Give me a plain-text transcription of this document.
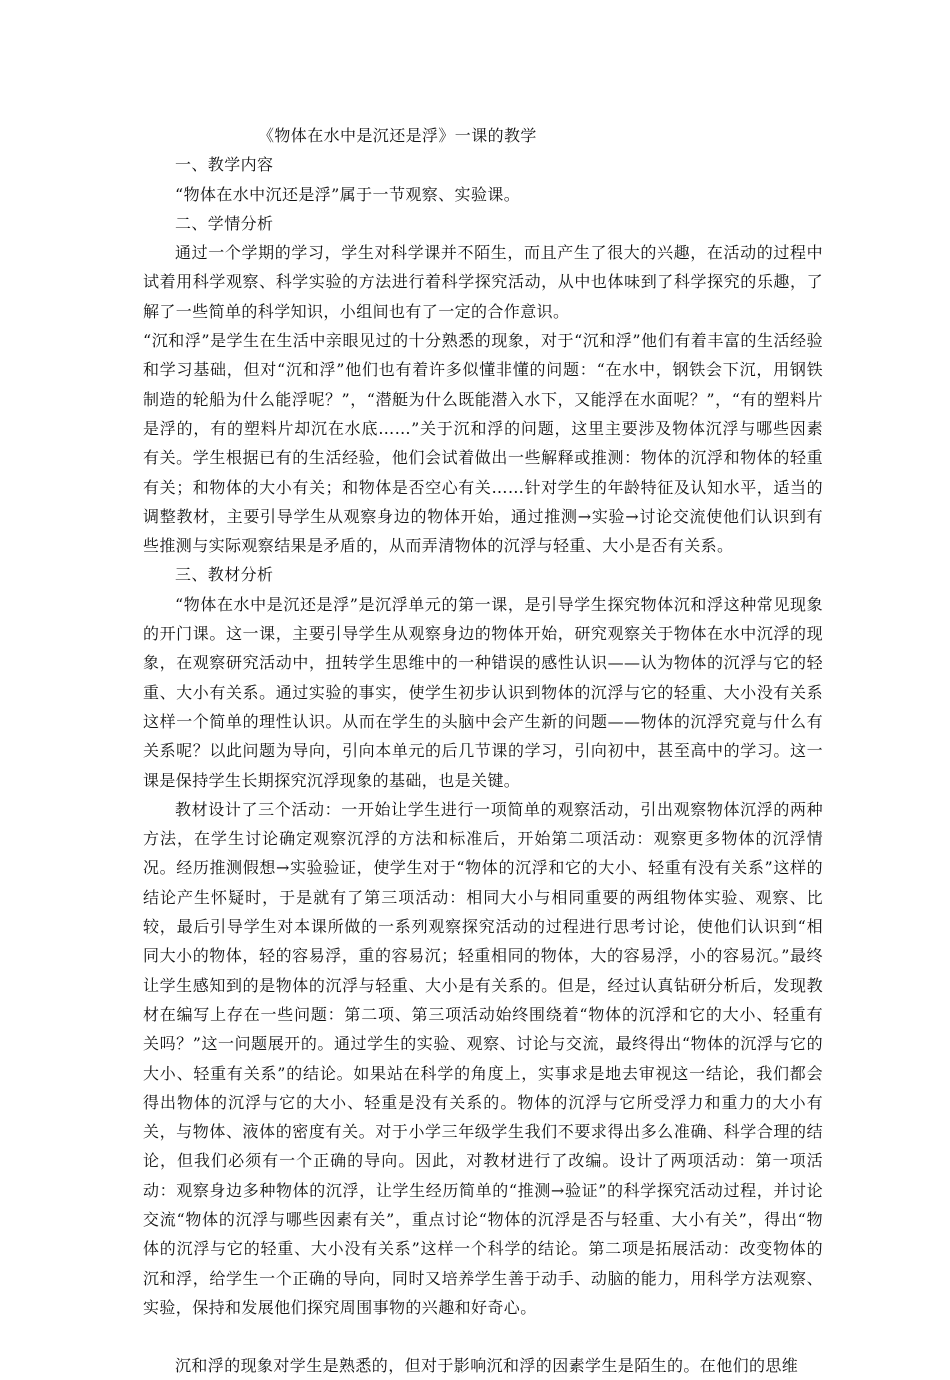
《物体在水中是沉还是浮》一课的教学

一、教学内容

“物体在水中沉还是浮”属于一节观察、实验课。

二、学情分析

通过一个学期的学习，学生对科学课并不陌生，而且产生了很大的兴趣，在活动的过程中试着用科学观察、科学实验的方法进行着科学探究活动，从中也体味到了科学探究的乐趣，了解了一些简单的科学知识，小组间也有了一定的合作意识。

“沉和浮”是学生在生活中亲眼见过的十分熟悉的现象，对于“沉和浮”他们有着丰富的生活经验和学习基础，但对“沉和浮”他们也有着许多似懂非懂的问题：“在水中，钢铁会下沉，用钢铁制造的轮船为什么能浮呢？”，“潜艇为什么既能潜入水下，又能浮在水面呢？”，“有的塑料片是浮的，有的塑料片却沉在水底……”关于沉和浮的问题，这里主要涉及物体沉浮与哪些因素有关。学生根据已有的生活经验，他们会试着做出一些解释或推测：物体的沉浮和物体的轻重有关；和物体的大小有关；和物体是否空心有关……针对学生的年龄特征及认知水平，适当的调整教材，主要引导学生从观察身边的物体开始，通过推测→实验→讨论交流使他们认识到有些推测与实际观察结果是矛盾的，从而弄清物体的沉浮与轻重、大小是否有关系。

三、教材分析

“物体在水中是沉还是浮”是沉浮单元的第一课，是引导学生探究物体沉和浮这种常见现象的开门课。这一课，主要引导学生从观察身边的物体开始，研究观察关于物体在水中沉浮的现象，在观察研究活动中，扭转学生思维中的一种错误的感性认识——认为物体的沉浮与它的轻重、大小有关系。通过实验的事实，使学生初步认识到物体的沉浮与它的轻重、大小没有关系这样一个简单的理性认识。从而在学生的头脑中会产生新的问题——物体的沉浮究竟与什么有关系呢？以此问题为导向，引向本单元的后几节课的学习，引向初中，甚至高中的学习。这一课是保持学生长期探究沉浮现象的基础，也是关键。

教材设计了三个活动：一开始让学生进行一项简单的观察活动，引出观察物体沉浮的两种方法，在学生讨论确定观察沉浮的方法和标准后，开始第二项活动：观察更多物体的沉浮情况。经历推测假想→实验验证，使学生对于“物体的沉浮和它的大小、轻重有没有关系”这样的结论产生怀疑时，于是就有了第三项活动：相同大小与相同重要的两组物体实验、观察、比较，最后引导学生对本课所做的一系列观察探究活动的过程进行思考讨论，使他们认识到“相同大小的物体，轻的容易浮，重的容易沉；轻重相同的物体，大的容易浮，小的容易沉。”最终让学生感知到的是物体的沉浮与轻重、大小是有关系的。但是，经过认真钻研分析后，发现教材在编写上存在一些问题：第二项、第三项活动始终围绕着“物体的沉浮和它的大小、轻重有关吗？”这一问题展开的。通过学生的实验、观察、讨论与交流，最终得出“物体的沉浮与它的大小、轻重有关系”的结论。如果站在科学的角度上，实事求是地去审视这一结论，我们都会得出物体的沉浮与它的大小、轻重是没有关系的。物体的沉浮与它所受浮力和重力的大小有关，与物体、液体的密度有关。对于小学三年级学生我们不要求得出多么准确、科学合理的结论，但我们必须有一个正确的导向。因此，对教材进行了改编。设计了两项活动：第一项活动：观察身边多种物体的沉浮，让学生经历简单的“推测→验证”的科学探究活动过程，并讨论交流“物体的沉浮与哪些因素有关”，重点讨论“物体的沉浮是否与轻重、大小有关”，得出“物体的沉浮与它的轻重、大小没有关系”这样一个科学的结论。第二项是拓展活动：改变物体的沉和浮，给学生一个正确的导向，同时又培养学生善于动手、动脑的能力，用科学方法观察、实验，保持和发展他们探究周围事物的兴趣和好奇心。

沉和浮的现象对学生是熟悉的，但对于影响沉和浮的因素学生是陌生的。在他们的思维
